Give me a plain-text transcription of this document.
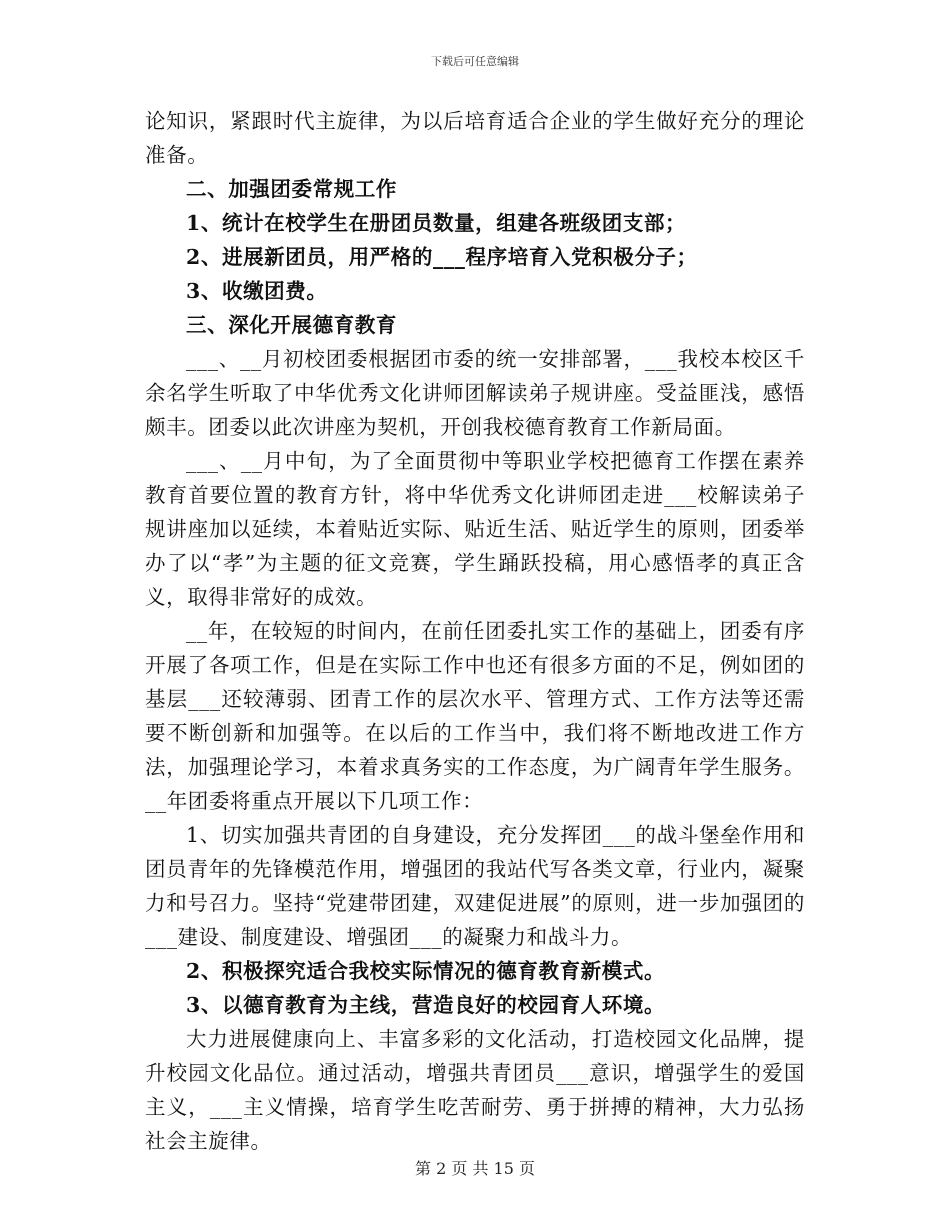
下载后可任意编辑

论知识，紧跟时代主旋律，为以后培育适合企业的学生做好充分的理论准备。

二、加强团委常规工作

1、统计在校学生在册团员数量，组建各班级团支部；

2、进展新团员，用严格的___程序培育入党积极分子；

3、收缴团费。

三、深化开展德育教育

___、__月初校团委根据团市委的统一安排部署，___我校本校区千余名学生听取了中华优秀文化讲师团解读弟子规讲座。受益匪浅，感悟颇丰。团委以此次讲座为契机，开创我校德育教育工作新局面。

___、__月中旬，为了全面贯彻中等职业学校把德育工作摆在素养教育首要位置的教育方针，将中华优秀文化讲师团走进___校解读弟子规讲座加以延续，本着贴近实际、贴近生活、贴近学生的原则，团委举办了以“孝”为主题的征文竞赛，学生踊跃投稿，用心感悟孝的真正含义，取得非常好的成效。

__年，在较短的时间内，在前任团委扎实工作的基础上，团委有序开展了各项工作，但是在实际工作中也还有很多方面的不足，例如团的基层___还较薄弱、团青工作的层次水平、管理方式、工作方法等还需要不断创新和加强等。在以后的工作当中，我们将不断地改进工作方法，加强理论学习，本着求真务实的工作态度，为广阔青年学生服务。__年团委将重点开展以下几项工作：

1、切实加强共青团的自身建设，充分发挥团___的战斗堡垒作用和团员青年的先锋模范作用，增强团的我站代写各类文章，行业内，凝聚力和号召力。坚持“党建带团建，双建促进展”的原则，进一步加强团的___建设、制度建设、增强团___的凝聚力和战斗力。

2、积极探究适合我校实际情况的德育教育新模式。

3、以德育教育为主线，营造良好的校园育人环境。

大力进展健康向上、丰富多彩的文化活动，打造校园文化品牌，提升校园文化品位。通过活动，增强共青团员___意识，增强学生的爱国主义，___主义情操，培育学生吃苦耐劳、勇于拼搏的精神，大力弘扬社会主旋律。

第 2 页 共 15 页
